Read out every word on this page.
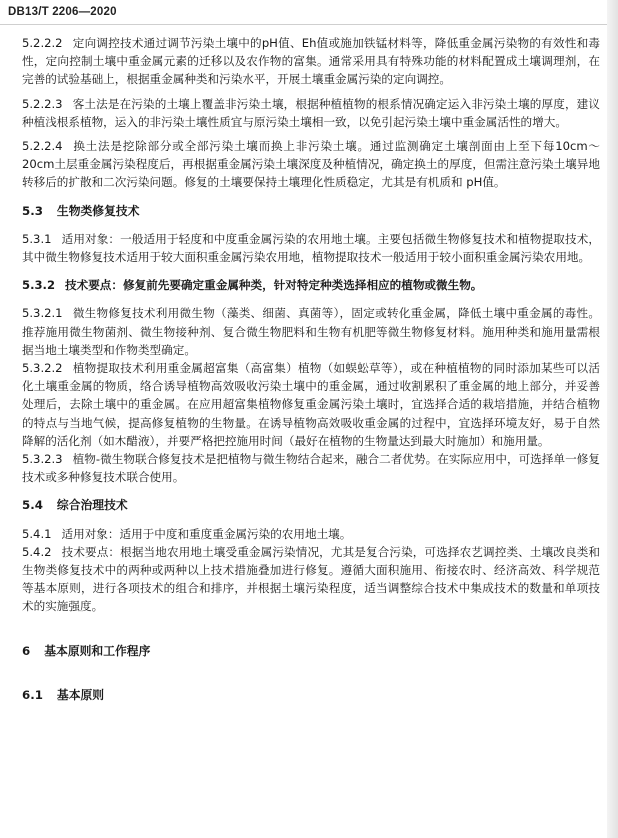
DB13/T 2206—2020

5.2.2.2 定向调控技术通过调节污染土壤中的pH值、Eh值或施加铁锰材料等，降低重金属污染物的有效性和毒性，定向控制土壤中重金属元素的迁移以及农作物的富集。通常采用具有特殊功能的材料配置成土壤调理剂，在完善的试验基础上，根据重金属种类和污染水平，开展土壤重金属污染的定向调控。

5.2.2.3 客土法是在污染的土壤上覆盖非污染土壤，根据种植植物的根系情况确定运入非污染土壤的厚度，建议种植浅根系植物，运入的非污染土壤性质宜与原污染土壤相一致，以免引起污染土壤中重金属活性的增大。

5.2.2.4 换土法是挖除部分或全部污染土壤而换上非污染土壤。通过监测确定土壤剖面由上至下每10cm～20cm土层重金属污染程度后，再根据重金属污染土壤深度及种植情况，确定换土的厚度，但需注意污染土壤异地转移后的扩散和二次污染问题。修复的土壤要保持土壤理化性质稳定，尤其是有机质和 pH值。

5.3 生物类修复技术

5.3.1 适用对象：一般适用于轻度和中度重金属污染的农用地土壤。主要包括微生物修复技术和植物提取技术，其中微生物修复技术适用于较大面积重金属污染农用地，植物提取技术一般适用于较小面积重金属污染农用地。

5.3.2 技术要点：修复前先要确定重金属种类，针对特定种类选择相应的植物或微生物。

5.3.2.1 微生物修复技术利用微生物（藻类、细菌、真菌等），固定或转化重金属，降低土壤中重金属的毒性。推荐施用微生物菌剂、微生物接种剂、复合微生物肥料和生物有机肥等微生物修复材料。施用种类和施用量需根据当地土壤类型和作物类型确定。

5.3.2.2 植物提取技术利用重金属超富集（高富集）植物（如蜈蚣草等），或在种植植物的同时添加某些可以活化土壤重金属的物质，络合诱导植物高效吸收污染土壤中的重金属，通过收割累积了重金属的地上部分，并妥善处理后，去除土壤中的重金属。在应用超富集植物修复重金属污染土壤时，宜选择合适的栽培措施，并结合植物的特点与当地气候，提高修复植物的生物量。在诱导植物高效吸收重金属的过程中，宜选择环境友好，易于自然降解的活化剂（如木醋液），并要严格把控施用时间（最好在植物的生物量达到最大时施加）和施用量。

5.3.2.3 植物-微生物联合修复技术是把植物与微生物结合起来，融合二者优势。在实际应用中，可选择单一修复技术或多种修复技术联合使用。

5.4 综合治理技术

5.4.1 适用对象：适用于中度和重度重金属污染的农用地土壤。

5.4.2 技术要点：根据当地农用地土壤受重金属污染情况，尤其是复合污染，可选择农艺调控类、土壤改良类和生物类修复技术中的两种或两种以上技术措施叠加进行修复。遵循大面积施用、衔接农时、经济高效、科学规范等基本原则，进行各项技术的组合和排序，并根据土壤污染程度，适当调整综合技术中集成技术的数量和单项技术的实施强度。

6 基本原则和工作程序

6.1 基本原则
